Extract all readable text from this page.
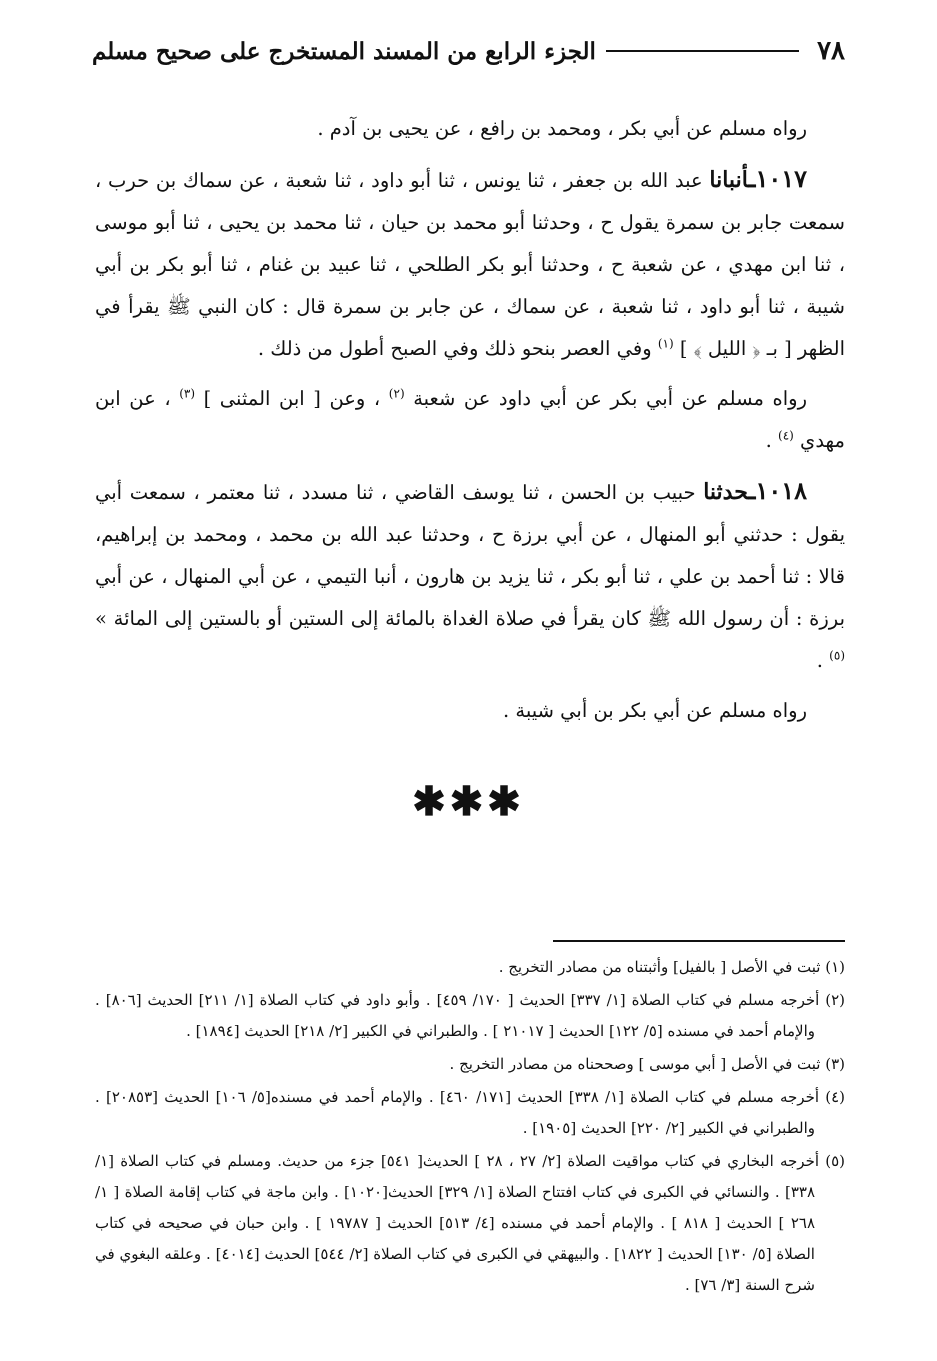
٧٨
الجزء الرابع من المسند المستخرج على صحيح مسلم

رواه مسلم عن أبي بكر ، ومحمد بن رافع ، عن يحيى بن آدم .

١٠١٧ـأنبانا عبد الله بن جعفر ، ثنا يونس ، ثنا أبو داود ، ثنا شعبة ، عن سماك بن حرب ، سمعت جابر بن سمرة يقول ح ، وحدثنا أبو محمد بن حيان ، ثنا محمد بن يحيى ، ثنا أبو موسى ، ثنا ابن مهدي ، عن شعبة ح ، وحدثنا أبو بكر الطلحي ، ثنا عبيد بن غنام ، ثنا أبو بكر بن أبي شيبة ، ثنا أبو داود ، ثنا شعبة ، عن سماك ، عن جابر بن سمرة قال : كان النبي ﷺ يقرأ في الظهر [ بـ ﴿ الليل ﴾ ] $^{(١)}$ وفي العصر بنحو ذلك وفي الصبح أطول من ذلك .

رواه مسلم عن أبي بكر عن أبي داود عن شعبة $^{(٢)}$ ، وعن [ ابن المثنى ] $^{(٣)}$ ، عن ابن مهدي $^{(٤)}$ .

١٠١٨ـحدثنا حبيب بن الحسن ، ثنا يوسف القاضي ، ثنا مسدد ، ثنا معتمر ، سمعت أبي يقول : حدثني أبو المنهال ، عن أبي برزة ح ، وحدثنا عبد الله بن محمد ، ومحمد بن إبراهيم، قالا : ثنا أحمد بن علي ، ثنا أبو بكر ، ثنا يزيد بن هارون ، أنبا التيمي ، عن أبي المنهال ، عن أبي برزة : أن رسول الله ﷺ كان يقرأ في صلاة الغداة بالمائة إلى الستين أو بالستين إلى المائة » $^{(٥)}$ .

رواه مسلم عن أبي بكر بن أبي شيبة .

✱✱✱

(١) ثبت في الأصل [ بالفيل] وأثبتناه من مصادر التخريج .

(٢) أخرجه مسلم في كتاب الصلاة [١/ ٣٣٧] الحديث [ ١٧٠/ ٤٥٩] . وأبو داود في كتاب الصلاة [١/ ٢١١] الحديث [٨٠٦] . والإمام أحمد في مسنده [٥/ ١٢٢] الحديث [ ٢١٠١٧ ] . والطبراني في الكبير [٢/ ٢١٨] الحديث [١٨٩٤] .

(٣) ثبت في الأصل [ أبي موسى ] وصححناه من مصادر التخريج .

(٤) أخرجه مسلم في كتاب الصلاة [١/ ٣٣٨] الحديث [١٧١/ ٤٦٠] . والإمام أحمد في مسنده[٥/ ١٠٦] الحديث [٢٠٨٥٣] . والطبراني في الكبير [٢/ ٢٢٠] الحديث [١٩٠٥] .

(٥) أخرجه البخاري في كتاب مواقيت الصلاة [٢/ ٢٧ ، ٢٨ ] الحديث[ ٥٤١] جزء من حديث. ومسلم في كتاب الصلاة [١/ ٣٣٨] . والنسائي في الكبرى في كتاب افتتاح الصلاة [١/ ٣٢٩] الحديث[١٠٢٠] . وابن ماجة في كتاب إقامة الصلاة [ ١/ ٢٦٨ ] الحديث [ ٨١٨ ] . والإمام أحمد في مسنده [٤/ ٥١٣] الحديث [ ١٩٧٨٧ ] . وابن حبان في صحيحه في كتاب الصلاة [٥/ ١٣٠] الحديث [ ١٨٢٢] . والبيهقي في الكبرى في كتاب الصلاة [٢/ ٥٤٤] الحديث [٤٠١٤] . وعلقه البغوي في شرح السنة [٣/ ٧٦] .
